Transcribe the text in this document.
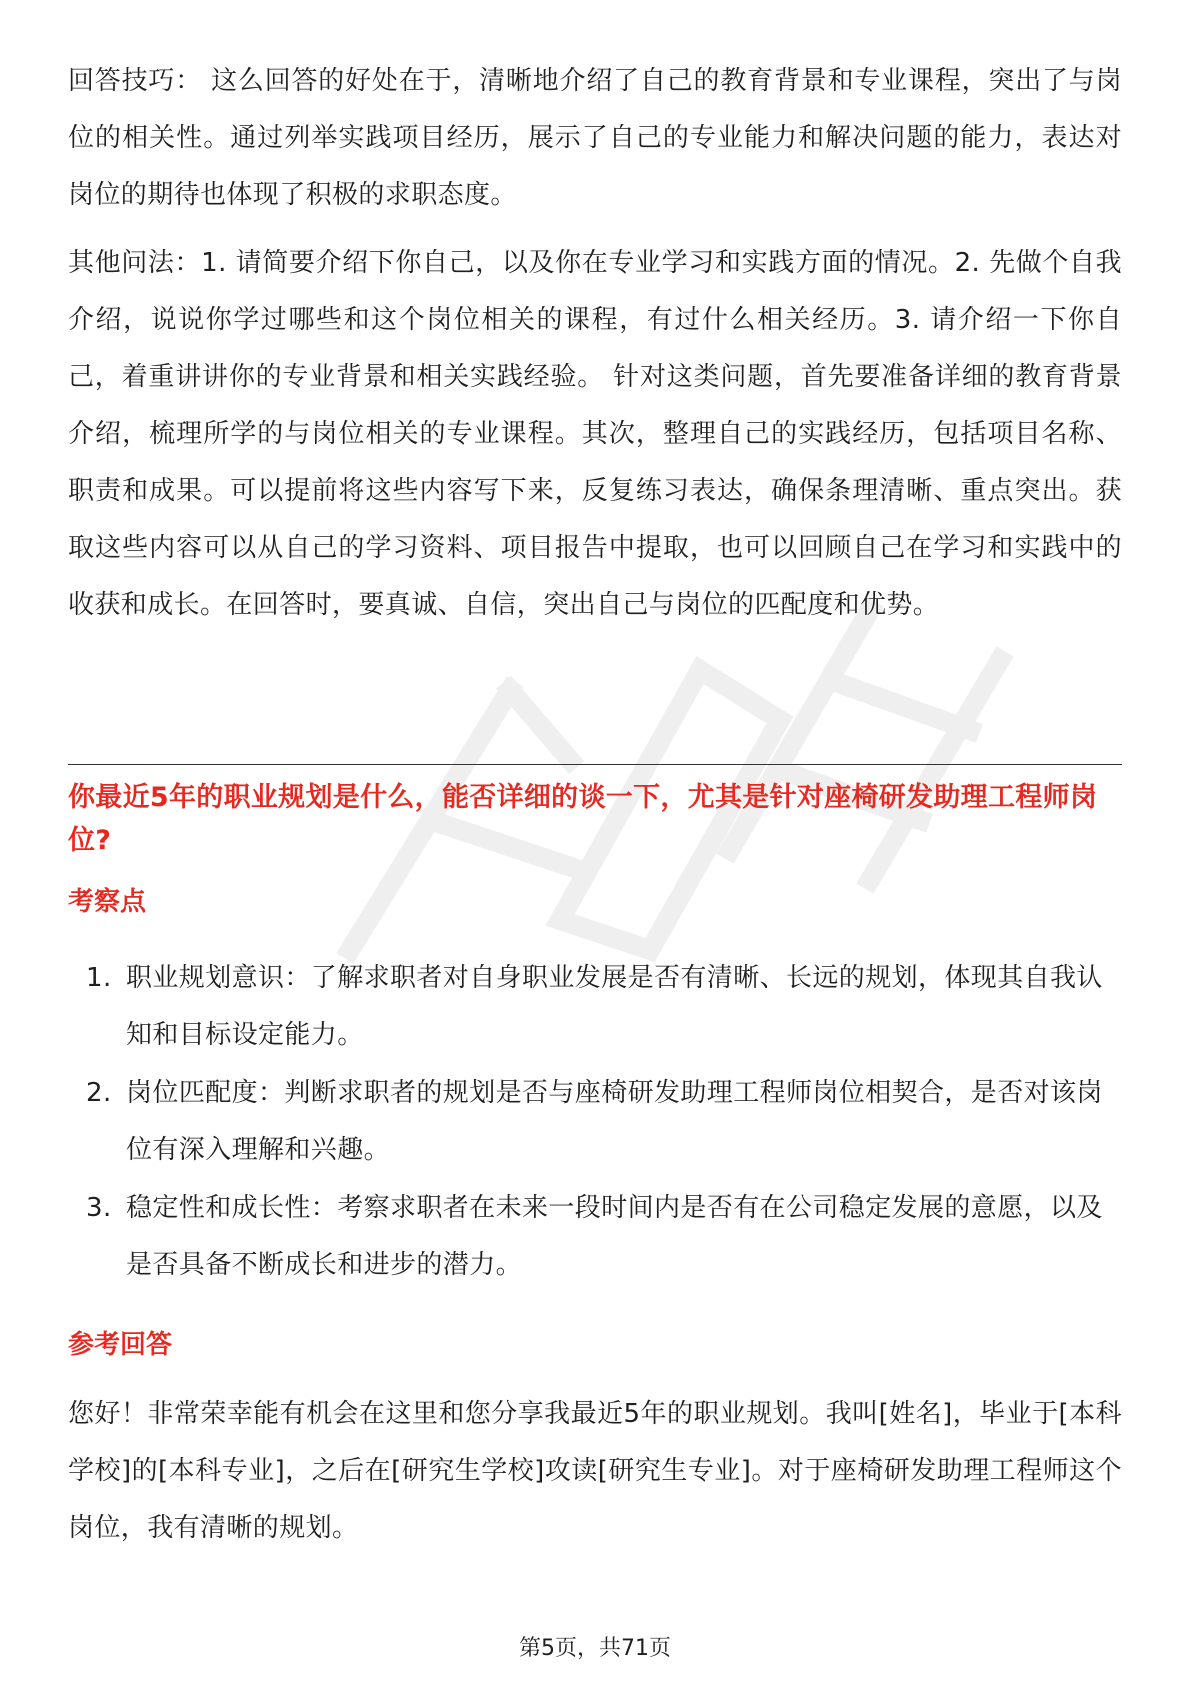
回答技巧： 这么回答的好处在于，清晰地介绍了自己的教育背景和专业课程，突出了与岗位的相关性。通过列举实践项目经历，展示了自己的专业能力和解决问题的能力，表达对岗位的期待也体现了积极的求职态度。

其他问法：1. 请简要介绍下你自己，以及你在专业学习和实践方面的情况。2. 先做个自我介绍，说说你学过哪些和这个岗位相关的课程，有过什么相关经历。3. 请介绍一下你自己，着重讲讲你的专业背景和相关实践经验。 针对这类问题，首先要准备详细的教育背景介绍，梳理所学的与岗位相关的专业课程。其次，整理自己的实践经历，包括项目名称、职责和成果。可以提前将这些内容写下来，反复练习表达，确保条理清晰、重点突出。获取这些内容可以从自己的学习资料、项目报告中提取，也可以回顾自己在学习和实践中的收获和成长。在回答时，要真诚、自信，突出自己与岗位的匹配度和优势。

你最近5年的职业规划是什么，能否详细的谈一下，尤其是针对座椅研发助理工程师岗位?
考察点
1. 职业规划意识：了解求职者对自身职业发展是否有清晰、长远的规划，体现其自我认知和目标设定能力。
2. 岗位匹配度：判断求职者的规划是否与座椅研发助理工程师岗位相契合，是否对该岗位有深入理解和兴趣。
3. 稳定性和成长性：考察求职者在未来一段时间内是否有在公司稳定发展的意愿，以及是否具备不断成长和进步的潜力。
参考回答

您好！非常荣幸能有机会在这里和您分享我最近5年的职业规划。我叫[姓名]，毕业于[本科学校]的[本科专业]，之后在[研究生学校]攻读[研究生专业]。对于座椅研发助理工程师这个岗位，我有清晰的规划。

第5页，共71页
